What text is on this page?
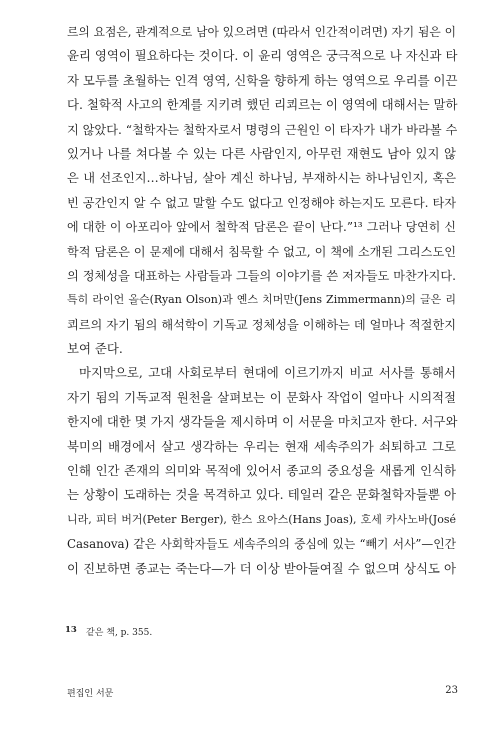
르의 요점은, 관계적으로 남아 있으려면 (따라서 인간적이려면) 자기 됨은 이
윤리 영역이 필요하다는 것이다. 이 윤리 영역은 궁극적으로 나 자신과 타
자 모두를 초월하는 인격 영역, 신학을 향하게 하는 영역으로 우리를 이끈
다. 철학적 사고의 한계를 지키려 했던 리쾨르는 이 영역에 대해서는 말하
지 않았다. “철학자는 철학자로서 명령의 근원인 이 타자가 내가 바라볼 수
있거나 나를 쳐다볼 수 있는 다른 사람인지, 아무런 재현도 남아 있지 않
은 내 선조인지…하나님, 살아 계신 하나님, 부재하시는 하나님인지, 혹은
빈 공간인지 알 수 없고 말할 수도 없다고 인정해야 하는지도 모른다. 타자
에 대한 이 아포리아 앞에서 철학적 담론은 끝이 난다.”¹³ 그러나 당연히 신
학적 담론은 이 문제에 대해서 침묵할 수 없고, 이 책에 소개된 그리스도인
의 정체성을 대표하는 사람들과 그들의 이야기를 쓴 저자들도 마찬가지다.
특히 라이언 올슨(Ryan Olson)과 옌스 치머만(Jens Zimmermann)의 글은 리
쾨르의 자기 됨의 해석학이 기독교 정체성을 이해하는 데 얼마나 적절한지
보여 준다.
마지막으로, 고대 사회로부터 현대에 이르기까지 비교 서사를 통해서
자기 됨의 기독교적 원천을 살펴보는 이 문화사 작업이 얼마나 시의적절
한지에 대한 몇 가지 생각들을 제시하며 이 서문을 마치고자 한다. 서구와
북미의 배경에서 살고 생각하는 우리는 현재 세속주의가 쇠퇴하고 그로
인해 인간 존재의 의미와 목적에 있어서 종교의 중요성을 새롭게 인식하
는 상황이 도래하는 것을 목격하고 있다. 테일러 같은 문화철학자들뿐 아
니라, 피터 버거(Peter Berger), 한스 요아스(Hans Joas), 호세 카사노바(José
Casanova) 같은 사회학자들도 세속주의의 중심에 있는 “빼기 서사”—인간
이 진보하면 종교는 죽는다—가 더 이상 받아들여질 수 없으며 상식도 아
13 같은 책, p. 355.
편집인 서문	23
